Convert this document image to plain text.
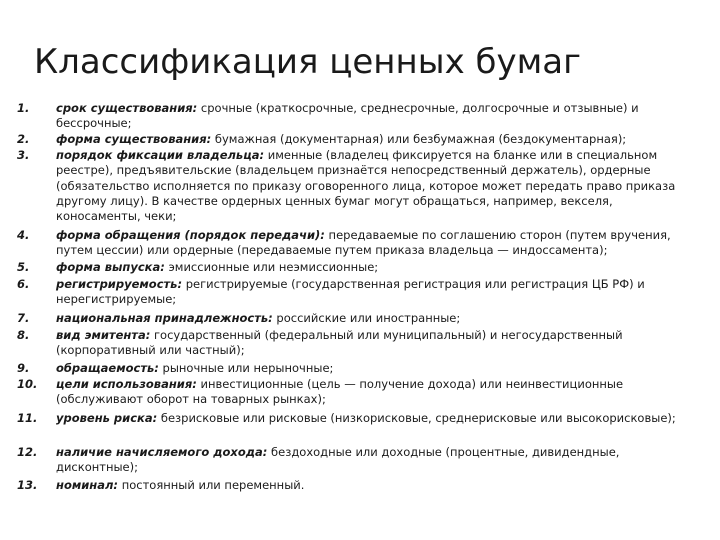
Классификация ценных бумаг
1. срок существования: срочные (краткосрочные, среднесрочные, долгосрочные и отзывные) и бессрочные;
2. форма существования: бумажная (документарная) или безбумажная (бездокументарная);
3. порядок фиксации владельца: именные (владелец фиксируется на бланке или в специальном реестре), предъявительские (владельцем признаётся непосредственный держатель), ордерные (обязательство исполняется по приказу оговоренного лица, которое может передать право приказа другому лицу). В качестве ордерных ценных бумаг могут обращаться, например, векселя, коносаменты, чеки;
4. форма обращения (порядок передачи): передаваемые по соглашению сторон (путем вручения, путем цессии) или ордерные (передаваемые путем приказа владельца — индоссамента);
5. форма выпуска: эмиссионные или неэмиссионные;
6. регистрируемость: регистрируемые (государственная регистрация или регистрация ЦБ РФ) и нерегистрируемые;
7. национальная принадлежность: российские или иностранные;
8. вид эмитента: государственный (федеральный или муниципальный) и негосударственный (корпоративный или частный);
9. обращаемость: рыночные или нерыночные;
10. цели использования: инвестиционные (цель — получение дохода) или неинвестиционные (обслуживают оборот на товарных рынках);
11. уровень риска: безрисковые или рисковые (низкорисковые, среднерисковые или высокорисковые);
12. наличие начисляемого дохода: бездоходные или доходные (процентные, дивидендные, дисконтные);
13. номинал: постоянный или переменный.
